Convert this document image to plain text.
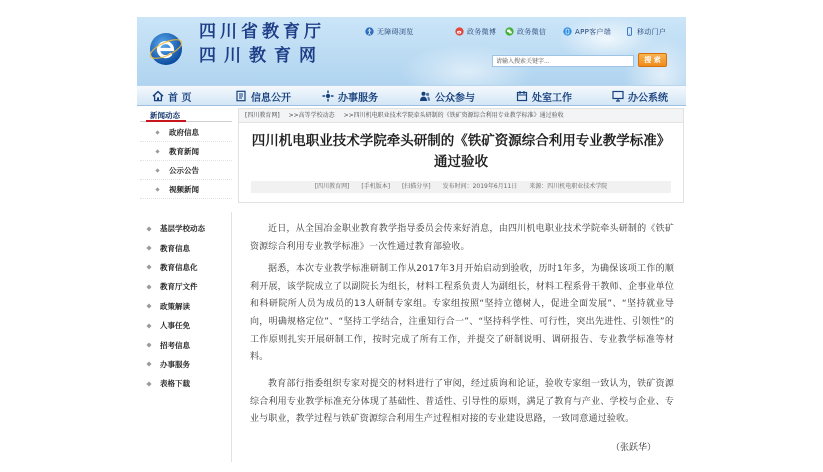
四川省教育厅
四川教育网
无障碍浏览	政务微博	政务微信	APP客户端	移动门户
请输入搜索关键字...
搜 索
首 页	信息公开	办事服务	公众参与	处室工作	办公系统
新闻动态
政府信息
教育新闻
公示公告
视频新闻
[四川教育网] >>高等学校动态 >>四川机电职业技术学院牵头研制的《铁矿资源综合利用专业教学标准》通过验收
四川机电职业技术学院牵头研制的《铁矿资源综合利用专业教学标准》
通过验收
[四川教育网] [手机版本] [扫描分享] 发布时间：2019年6月11日 来源：四川机电职业技术学院
基层学校动态
教育信息
教育信息化
教育厅文件
政策解读
人事任免
招考信息
办事服务
表格下载

近日，从全国冶金职业教育教学指导委员会传来好消息，由四川机电职业技术学院牵头研制的《铁矿资源综合利用专业教学标准》一次性通过教育部验收。

据悉，本次专业教学标准研制工作从2017年3月开始启动到验收，历时1年多，为确保该项工作的顺利开展，该学院成立了以副院长为组长，材料工程系负责人为副组长，材料工程系骨干教师、企事业单位和科研院所人员为成员的13人研制专家组。专家组按照“坚持立德树人，促进全面发展”、“坚持就业导向，明确规格定位”、“坚持工学结合，注重知行合一”、“坚持科学性、可行性，突出先进性、引领性”的工作原则扎实开展研制工作，按时完成了所有工作，并提交了研制说明、调研报告、专业教学标准等材料。

教育部行指委组织专家对提交的材料进行了审阅，经过质询和论证，验收专家组一致认为，铁矿资源综合利用专业教学标准充分体现了基础性、普适性、引导性的原则，满足了教育与产业、学校与企业、专业与职业，教学过程与铁矿资源综合利用生产过程相对接的专业建设思路，一致同意通过验收。

（张跃华）
